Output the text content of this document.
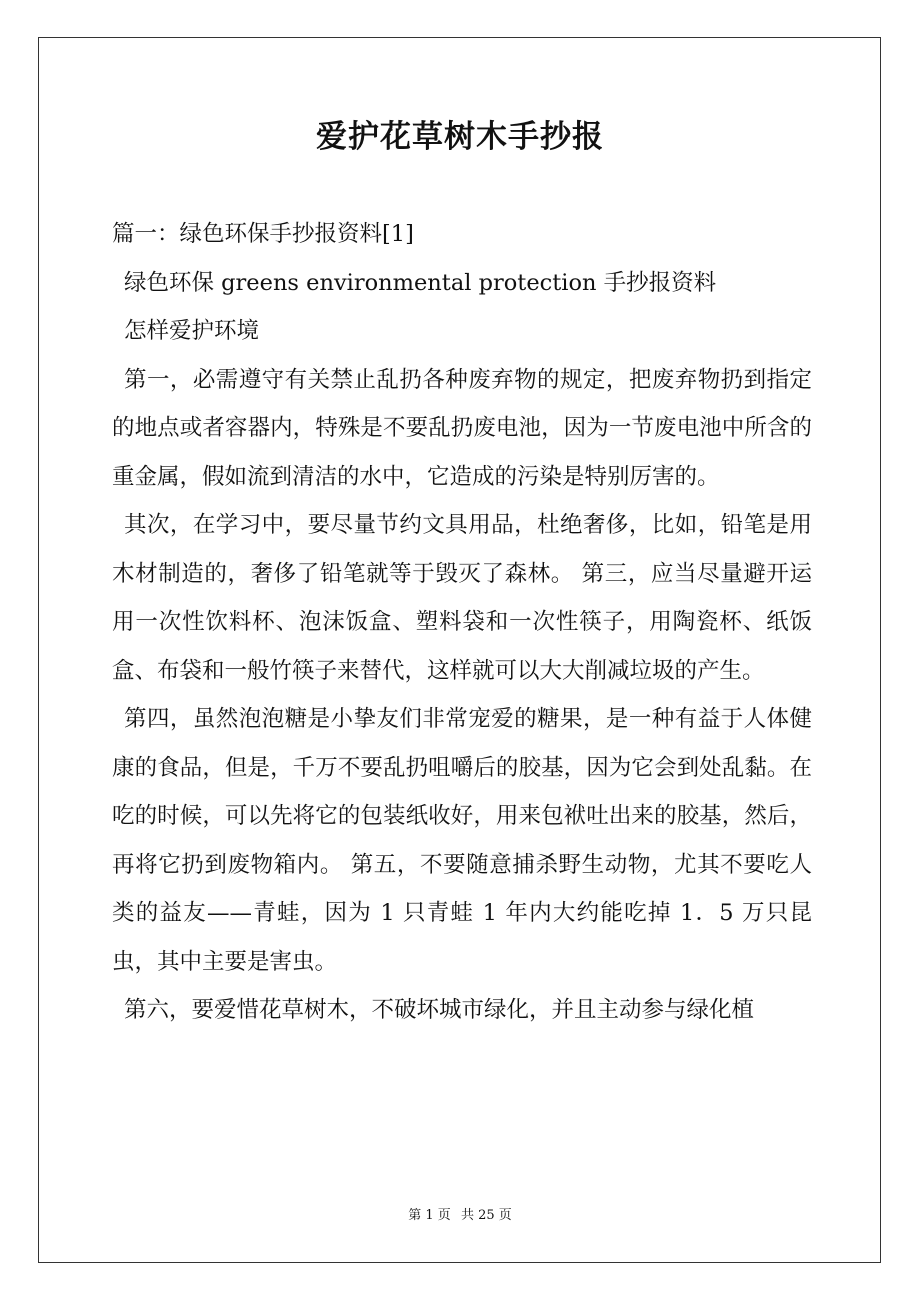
爱护花草树木手抄报

篇一：绿色环保手抄报资料[1]

绿色环保 greens environmental protection 手抄报资料

怎样爱护环境

第一，必需遵守有关禁止乱扔各种废弃物的规定，把废弃物扔到指定的地点或者容器内，特殊是不要乱扔废电池，因为一节废电池中所含的重金属，假如流到清洁的水中，它造成的污染是特别厉害的。

其次，在学习中，要尽量节约文具用品，杜绝奢侈，比如，铅笔是用木材制造的，奢侈了铅笔就等于毁灭了森林。 第三，应当尽量避开运用一次性饮料杯、泡沫饭盒、塑料袋和一次性筷子，用陶瓷杯、纸饭盒、布袋和一般竹筷子来替代，这样就可以大大削减垃圾的产生。

第四，虽然泡泡糖是小挚友们非常宠爱的糖果，是一种有益于人体健康的食品，但是，千万不要乱扔咀嚼后的胶基，因为它会到处乱黏。在吃的时候，可以先将它的包装纸收好，用来包袱吐出来的胶基，然后，再将它扔到废物箱内。 第五，不要随意捕杀野生动物，尤其不要吃人类的益友——青蛙，因为 1 只青蛙 1 年内大约能吃掉 1．5 万只昆虫，其中主要是害虫。

第六，要爱惜花草树木，不破坏城市绿化，并且主动参与绿化植

第 1 页 共 25 页
